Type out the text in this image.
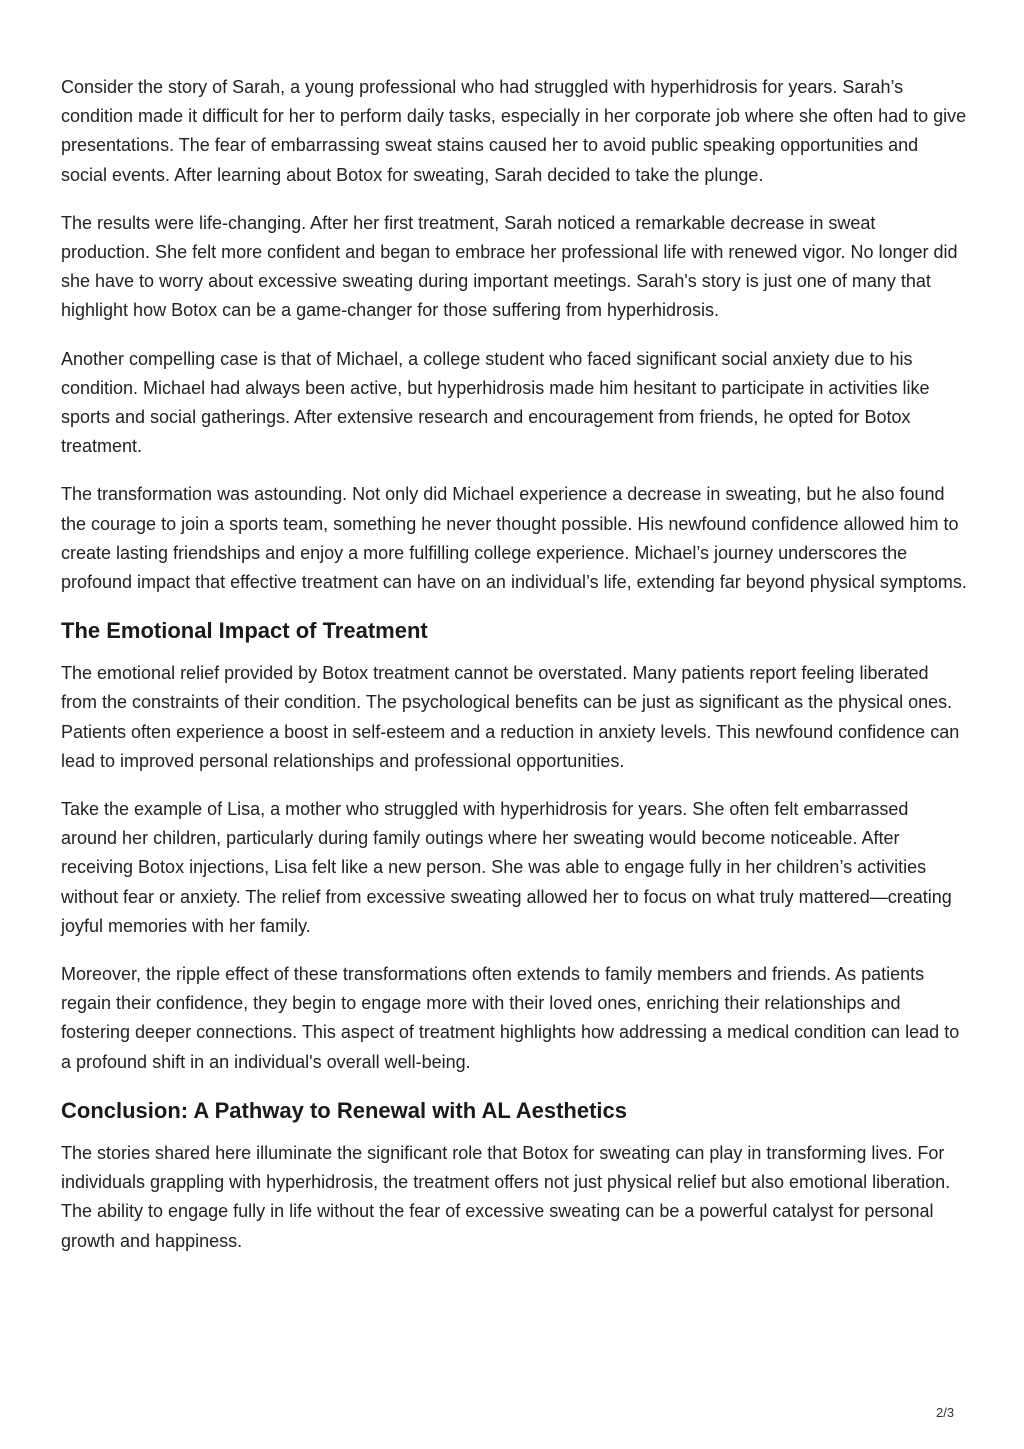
Consider the story of Sarah, a young professional who had struggled with hyperhidrosis for years. Sarah’s condition made it difficult for her to perform daily tasks, especially in her corporate job where she often had to give presentations. The fear of embarrassing sweat stains caused her to avoid public speaking opportunities and social events. After learning about Botox for sweating, Sarah decided to take the plunge.

The results were life-changing. After her first treatment, Sarah noticed a remarkable decrease in sweat production. She felt more confident and began to embrace her professional life with renewed vigor. No longer did she have to worry about excessive sweating during important meetings. Sarah's story is just one of many that highlight how Botox can be a game-changer for those suffering from hyperhidrosis.

Another compelling case is that of Michael, a college student who faced significant social anxiety due to his condition. Michael had always been active, but hyperhidrosis made him hesitant to participate in activities like sports and social gatherings. After extensive research and encouragement from friends, he opted for Botox treatment.

The transformation was astounding. Not only did Michael experience a decrease in sweating, but he also found the courage to join a sports team, something he never thought possible. His newfound confidence allowed him to create lasting friendships and enjoy a more fulfilling college experience. Michael’s journey underscores the profound impact that effective treatment can have on an individual’s life, extending far beyond physical symptoms.

The Emotional Impact of Treatment

The emotional relief provided by Botox treatment cannot be overstated. Many patients report feeling liberated from the constraints of their condition. The psychological benefits can be just as significant as the physical ones. Patients often experience a boost in self-esteem and a reduction in anxiety levels. This newfound confidence can lead to improved personal relationships and professional opportunities.

Take the example of Lisa, a mother who struggled with hyperhidrosis for years. She often felt embarrassed around her children, particularly during family outings where her sweating would become noticeable. After receiving Botox injections, Lisa felt like a new person. She was able to engage fully in her children’s activities without fear or anxiety. The relief from excessive sweating allowed her to focus on what truly mattered—creating joyful memories with her family.

Moreover, the ripple effect of these transformations often extends to family members and friends. As patients regain their confidence, they begin to engage more with their loved ones, enriching their relationships and fostering deeper connections. This aspect of treatment highlights how addressing a medical condition can lead to a profound shift in an individual's overall well-being.

Conclusion: A Pathway to Renewal with AL Aesthetics

The stories shared here illuminate the significant role that Botox for sweating can play in transforming lives. For individuals grappling with hyperhidrosis, the treatment offers not just physical relief but also emotional liberation. The ability to engage fully in life without the fear of excessive sweating can be a powerful catalyst for personal growth and happiness.

2/3
